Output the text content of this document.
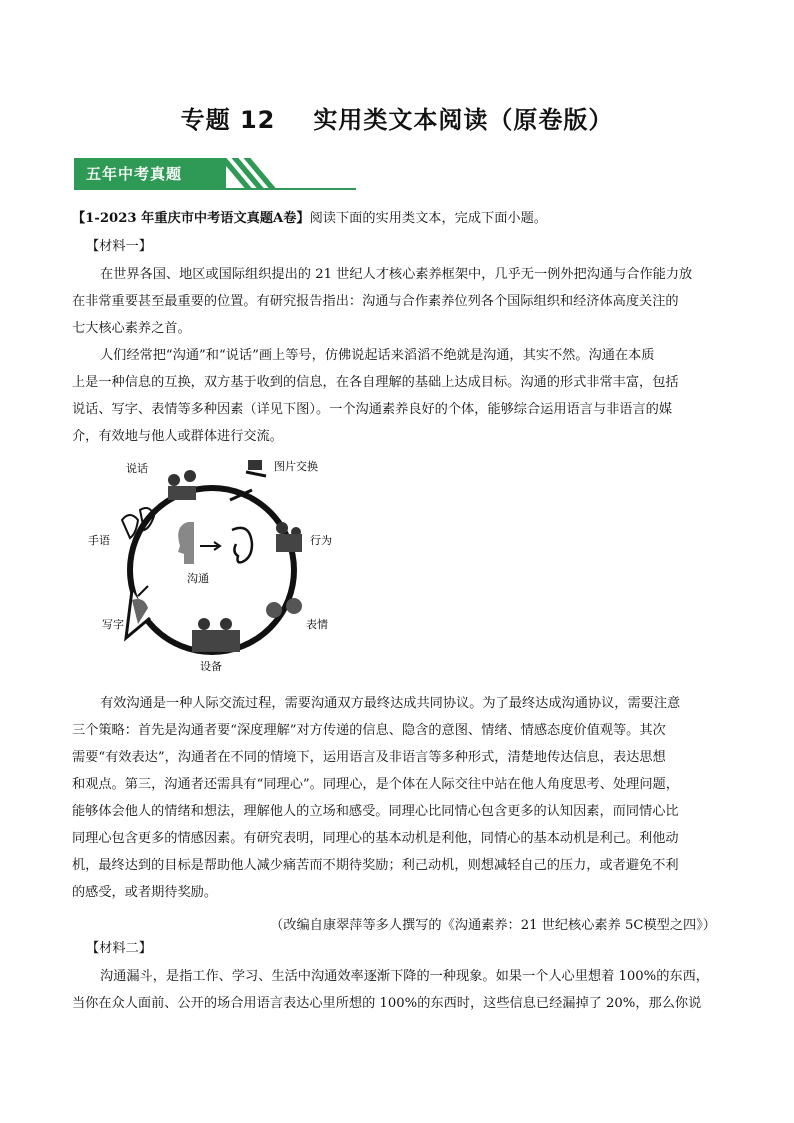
专题 12 实用类文本阅读（原卷版）
五年中考真题
【1-2023 年重庆市中考语文真题A卷】阅读下面的实用类文本，完成下面小题。
【材料一】
在世界各国、地区或国际组织提出的 21 世纪人才核心素养框架中，几乎无一例外把沟通与合作能力放
在非常重要甚至最重要的位置。有研究报告指出：沟通与合作素养位列各个国际组织和经济体高度关注的
七大核心素养之首。
人们经常把“沟通”和“说话”画上等号，仿佛说起话来滔滔不绝就是沟通，其实不然。沟通在本质
上是一种信息的互换，双方基于收到的信息，在各自理解的基础上达成目标。沟通的形式非常丰富，包括
说话、写字、表情等多种因素（详见下图）。一个沟通素养良好的个体，能够综合运用语言与非语言的媒
介，有效地与他人或群体进行交流。
沟通
说话	图片交换
行为
表情
设备
写字
手语
有效沟通是一种人际交流过程，需要沟通双方最终达成共同协议。为了最终达成沟通协议，需要注意
三个策略：首先是沟通者要“深度理解”对方传递的信息、隐含的意图、情绪、情感态度价值观等。其次
需要“有效表达”，沟通者在不同的情境下，运用语言及非语言等多种形式，清楚地传达信息，表达思想
和观点。第三，沟通者还需具有“同理心”。同理心，是个体在人际交往中站在他人角度思考、处理问题，
能够体会他人的情绪和想法，理解他人的立场和感受。同理心比同情心包含更多的认知因素，而同情心比
同理心包含更多的情感因素。有研究表明，同理心的基本动机是利他，同情心的基本动机是利己。利他动
机，最终达到的目标是帮助他人减少痛苦而不期待奖励；利己动机，则想减轻自己的压力，或者避免不利
的感受，或者期待奖励。
（改编自康翠萍等多人撰写的《沟通素养：21 世纪核心素养 5C模型之四》）
【材料二】
沟通漏斗，是指工作、学习、生活中沟通效率逐渐下降的一种现象。如果一个人心里想着 100%的东西，
当你在众人面前、公开的场合用语言表达心里所想的 100%的东西时，这些信息已经漏掉了 20%，那么你说
